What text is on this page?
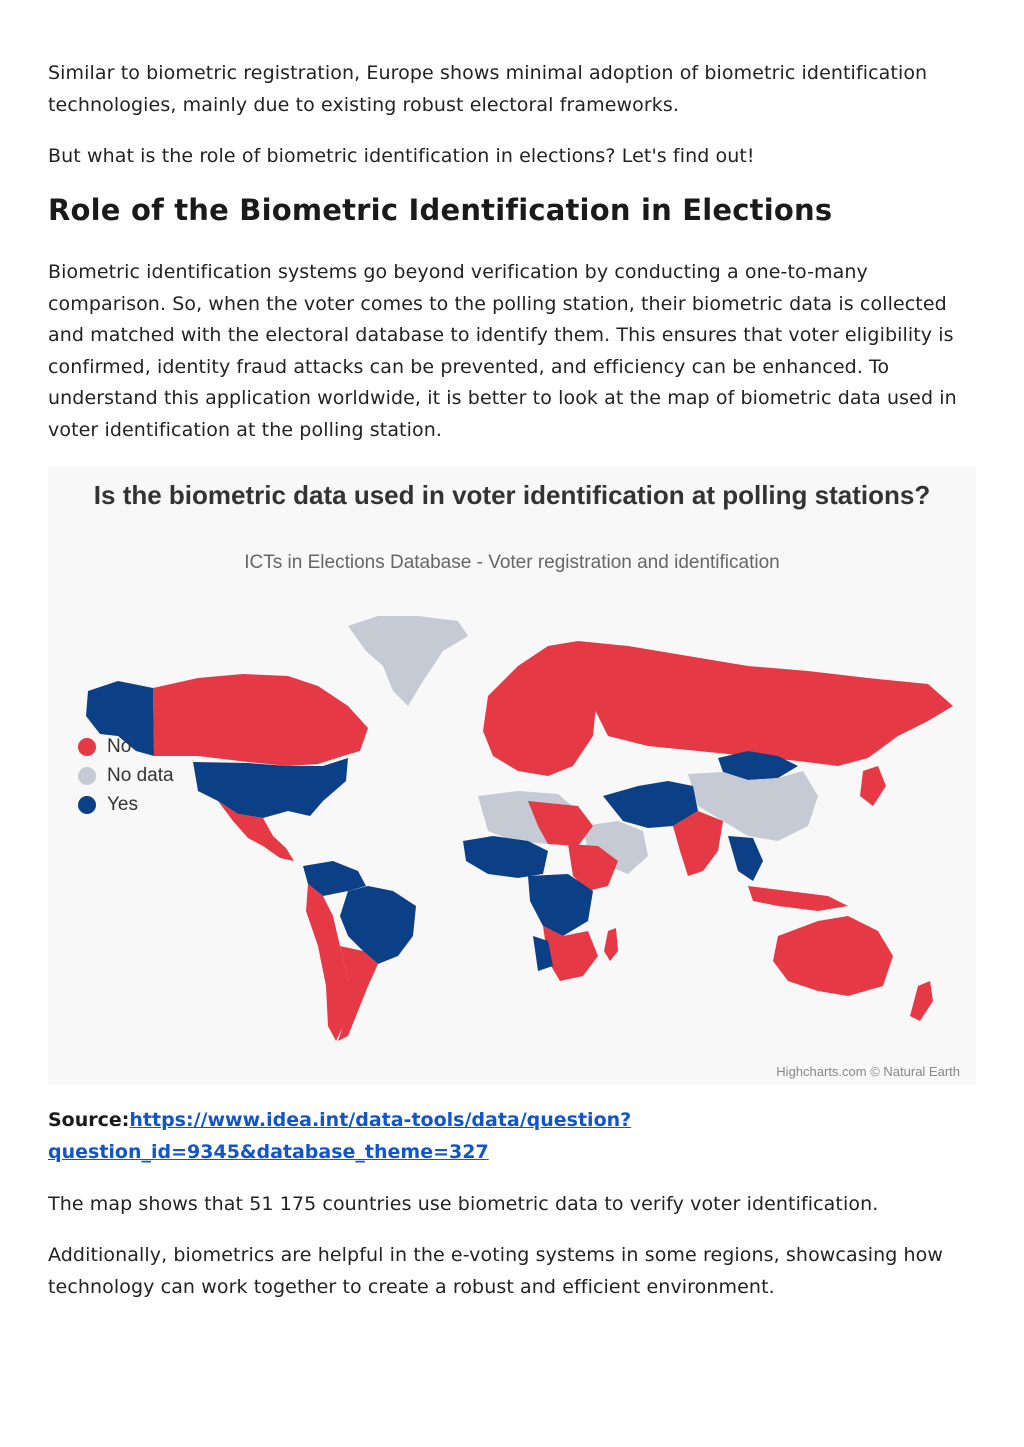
Similar to biometric registration, Europe shows minimal adoption of biometric identification technologies, mainly due to existing robust electoral frameworks.

But what is the role of biometric identification in elections? Let's find out!

Role of the Biometric Identification in Elections

Biometric identification systems go beyond verification by conducting a one-to-many comparison. So, when the voter comes to the polling station, their biometric data is collected and matched with the electoral database to identify them. This ensures that voter eligibility is confirmed, identity fraud attacks can be prevented, and efficiency can be enhanced. To understand this application worldwide, it is better to look at the map of biometric data used in voter identification at the polling station.

Is the biometric data used in voter identification at polling stations?
ICTs in Elections Database - Voter registration and identification
No
No data
Yes
Highcharts.com © Natural Earth
Source:https://www.idea.int/data-tools/data/question?
question_id=9345&database_theme=327

The map shows that 51 175 countries use biometric data to verify voter identification.

Additionally, biometrics are helpful in the e-voting systems in some regions, showcasing how technology can work together to create a robust and efficient environment.
